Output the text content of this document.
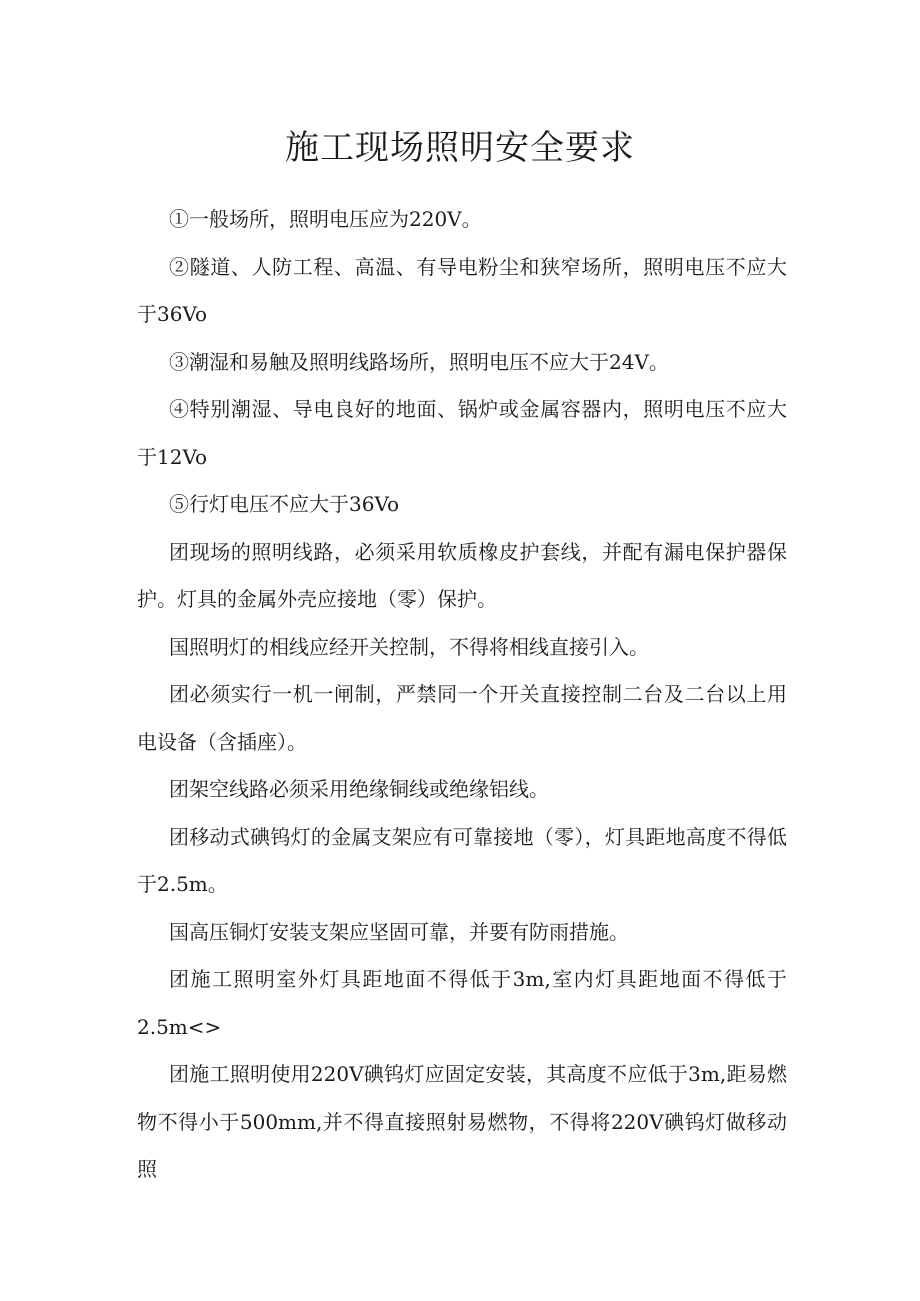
施工现场照明安全要求

①一般场所，照明电压应为220V。

②隧道、人防工程、高温、有导电粉尘和狭窄场所，照明电压不应大于36Vo

③潮湿和易触及照明线路场所，照明电压不应大于24V。

④特别潮湿、导电良好的地面、锅炉或金属容器内，照明电压不应大于12Vo

⑤行灯电压不应大于36Vo

团现场的照明线路，必须采用软质橡皮护套线，并配有漏电保护器保护。灯具的金属外壳应接地（零）保护。

国照明灯的相线应经开关控制，不得将相线直接引入。

团必须实行一机一闸制，严禁同一个开关直接控制二台及二台以上用电设备（含插座）。

团架空线路必须采用绝缘铜线或绝缘铝线。

团移动式碘钨灯的金属支架应有可靠接地（零），灯具距地高度不得低于2.5m。

国高压铜灯安装支架应坚固可靠，并要有防雨措施。

团施工照明室外灯具距地面不得低于3m,室内灯具距地面不得低于2.5m<>

团施工照明使用220V碘钨灯应固定安装，其高度不应低于3m,距易燃物不得小于500mm,并不得直接照射易燃物，不得将220V碘钨灯做移动照
